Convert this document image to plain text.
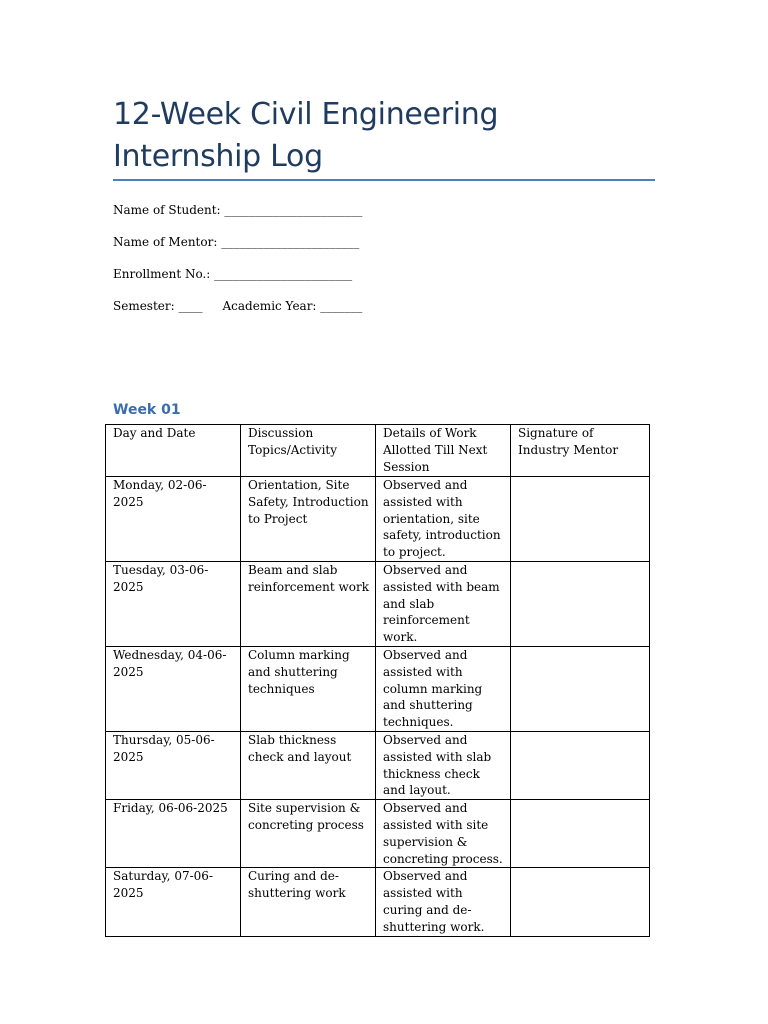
12-Week Civil Engineering Internship Log
Name of Student: _______________________
Name of Mentor: _______________________
Enrollment No.: _______________________
Semester: ____ Academic Year: _______
Week 01
Day and Date	Discussion Topics/Activity	Details of Work Allotted Till Next Session	Signature of Industry Mentor
Monday, 02-06-2025	Orientation, Site Safety, Introduction to Project	Observed and assisted with orientation, site safety, introduction to project.	
Tuesday, 03-06-2025	Beam and slab reinforcement work	Observed and assisted with beam and slab reinforcement work.	
Wednesday, 04-06-2025	Column marking and shuttering techniques	Observed and assisted with column marking and shuttering techniques.	
Thursday, 05-06-2025	Slab thickness check and layout	Observed and assisted with slab thickness check and layout.	
Friday, 06-06-2025	Site supervision & concreting process	Observed and assisted with site supervision & concreting process.	
Saturday, 07-06-2025	Curing and de-shuttering work	Observed and assisted with curing and de-shuttering work.	
